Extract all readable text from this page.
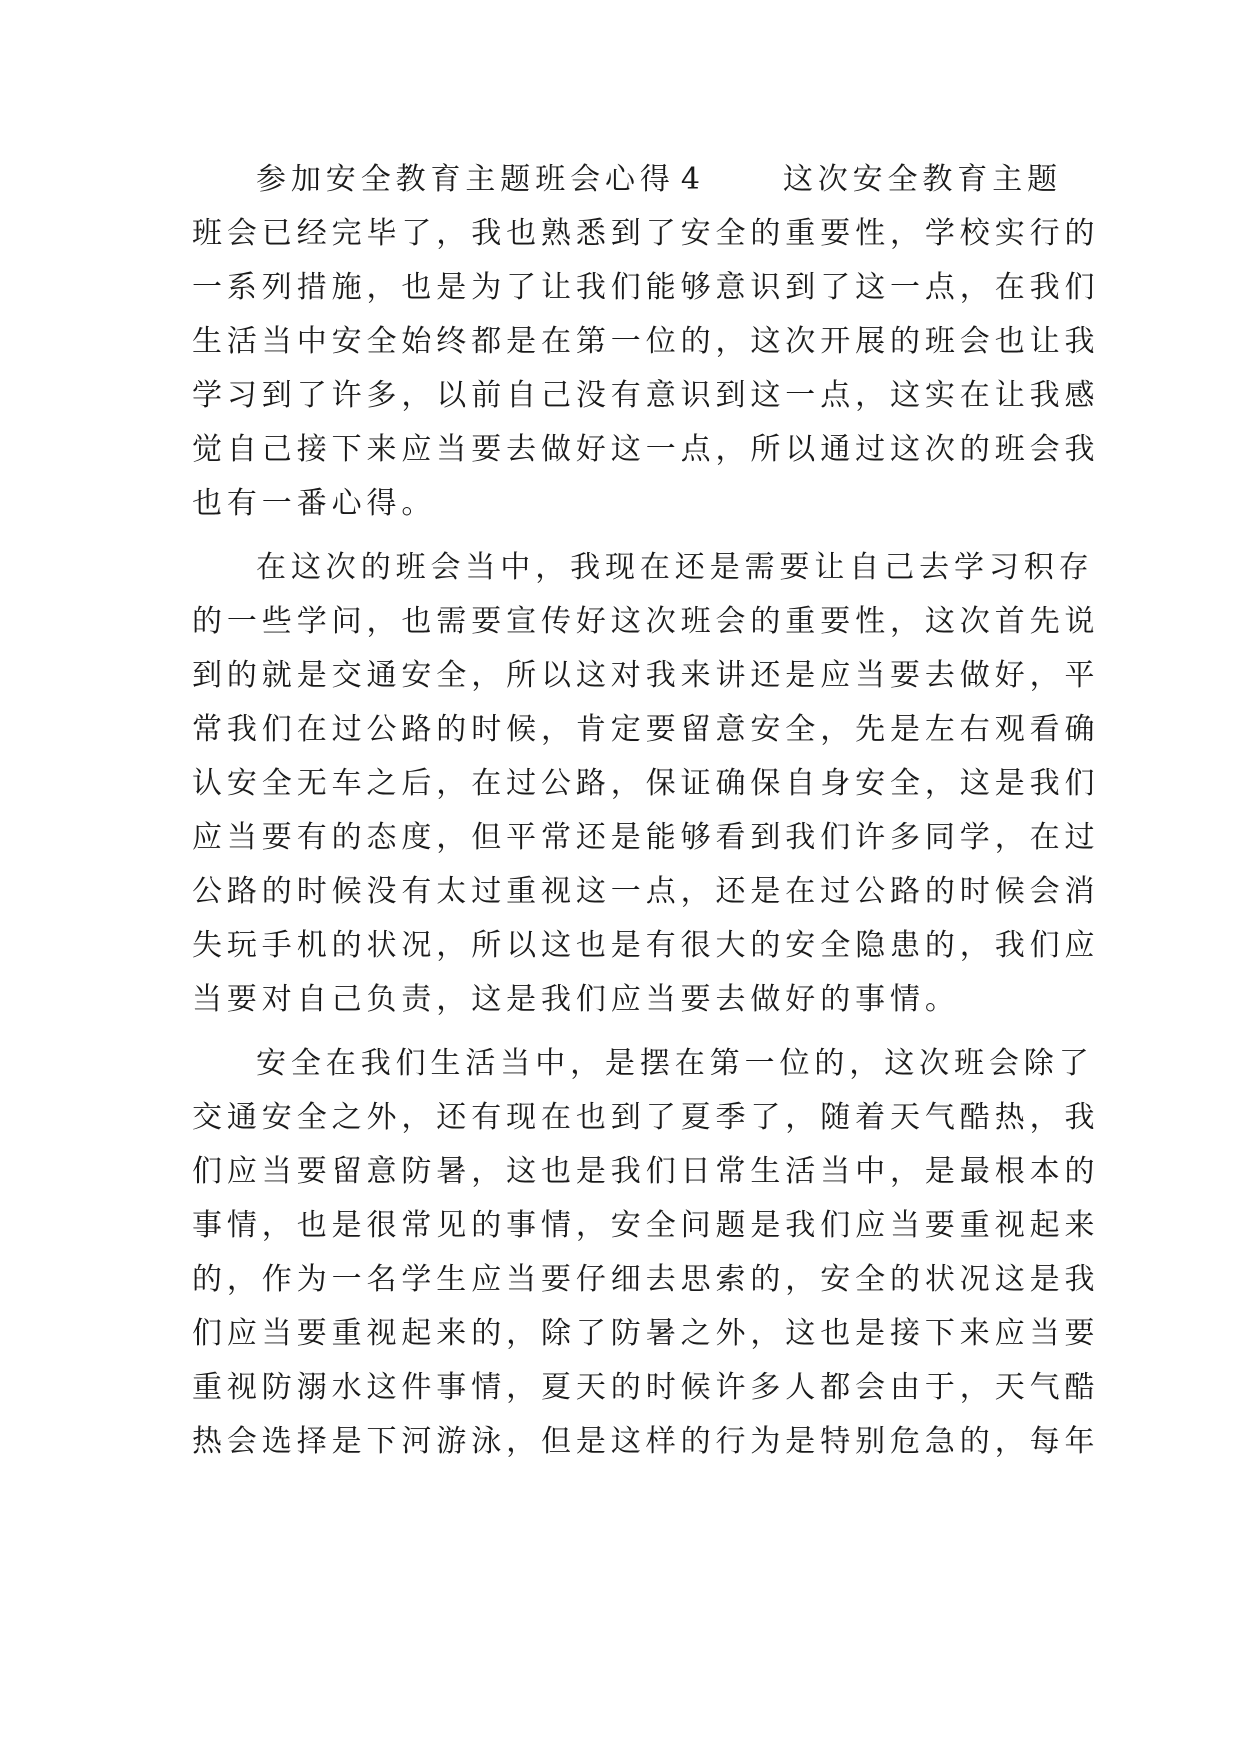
参加安全教育主题班会心得 4	这次安全教育主题
班会已经完毕了，我也熟悉到了安全的重要性，学校实行的
一系列措施，也是为了让我们能够意识到了这一点，在我们
生活当中安全始终都是在第一位的，这次开展的班会也让我
学习到了许多，以前自己没有意识到这一点，这实在让我感
觉自己接下来应当要去做好这一点，所以通过这次的班会我
也有一番心得。
在这次的班会当中，我现在还是需要让自己去学习积存
的一些学问，也需要宣传好这次班会的重要性，这次首先说
到的就是交通安全，所以这对我来讲还是应当要去做好，平
常我们在过公路的时候，肯定要留意安全，先是左右观看确
认安全无车之后，在过公路，保证确保自身安全，这是我们
应当要有的态度，但平常还是能够看到我们许多同学，在过
公路的时候没有太过重视这一点，还是在过公路的时候会消
失玩手机的状况，所以这也是有很大的安全隐患的，我们应
当要对自己负责，这是我们应当要去做好的事情。
安全在我们生活当中，是摆在第一位的，这次班会除了
交通安全之外，还有现在也到了夏季了，随着天气酷热，我
们应当要留意防暑，这也是我们日常生活当中，是最根本的
事情，也是很常见的事情，安全问题是我们应当要重视起来
的，作为一名学生应当要仔细去思索的，安全的状况这是我
们应当要重视起来的，除了防暑之外，这也是接下来应当要
重视防溺水这件事情，夏天的时候许多人都会由于，天气酷
热会选择是下河游泳，但是这样的行为是特别危急的，每年
